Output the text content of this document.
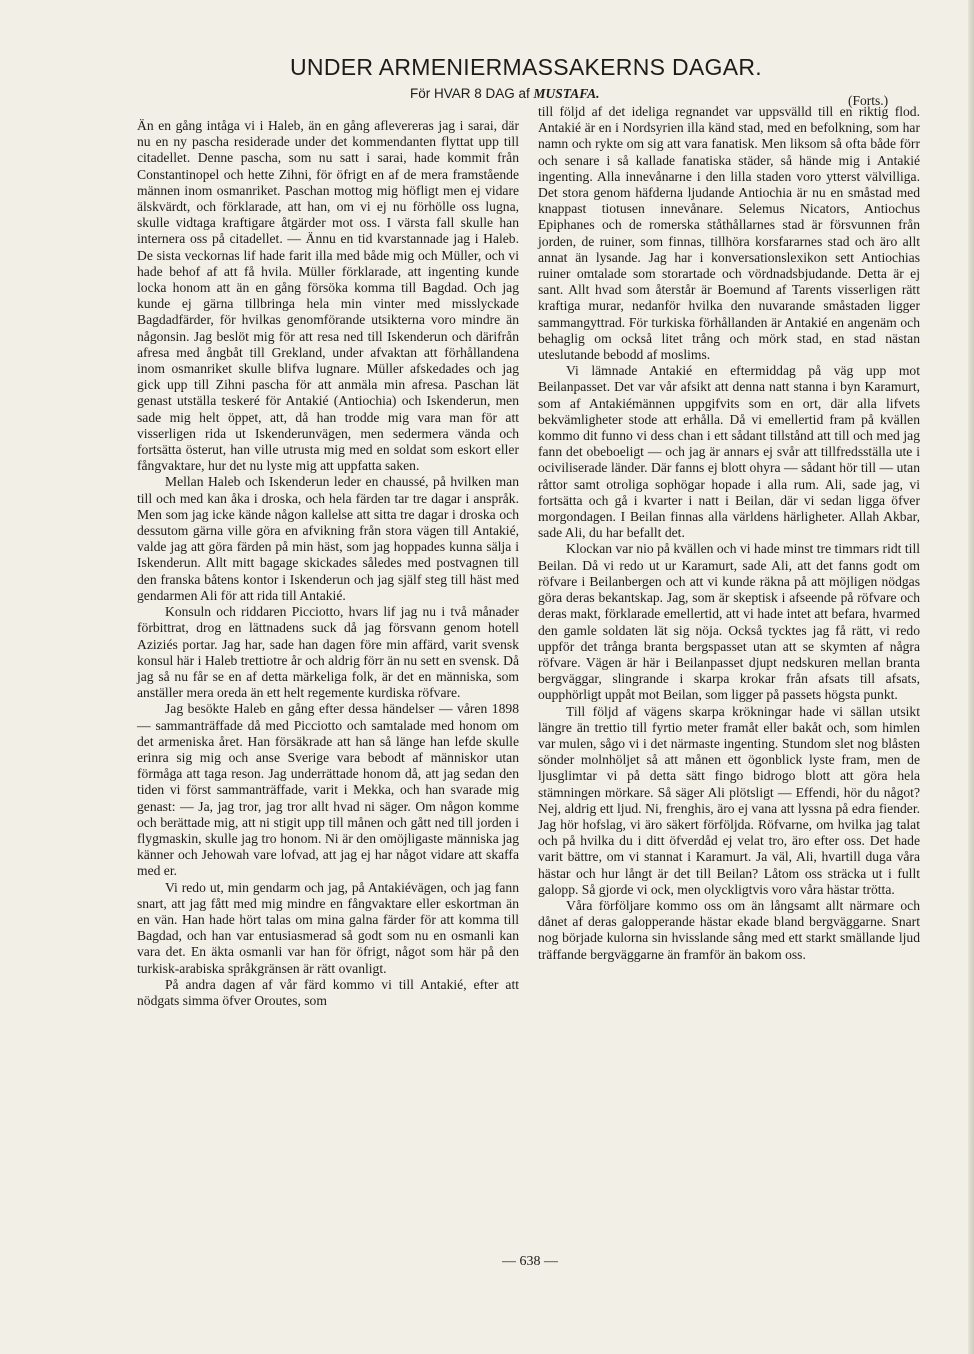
UNDER ARMENIERMASSAKERNS DAGAR.
För HVAR 8 DAG af MUSTAFA.	(Forts.)

Än en gång intåga vi i Haleb, än en gång aflevereras jag i sarai, där nu en ny pascha residerade under det kommendanten flyttat upp till citadellet. Denne pascha, som nu satt i sarai, hade kommit från Constantinopel och hette Zihni, för öfrigt en af de mera framstående männen inom osmanriket. Paschan mottog mig höfligt men ej vidare älskvärdt, och förklarade, att han, om vi ej nu förhölle oss lugna, skulle vidtaga kraftigare åtgärder mot oss. I värsta fall skulle han internera oss på citadellet. — Ännu en tid kvarstannade jag i Haleb. De sista veckornas lif hade farit illa med både mig och Müller, och vi hade behof af att få hvila. Müller förklarade, att ingenting kunde locka honom att än en gång försöka komma till Bagdad. Och jag kunde ej gärna tillbringa hela min vinter med misslyckade Bagdadfärder, för hvilkas genomförande utsikterna voro mindre än någonsin. Jag beslöt mig för att resa ned till Iskenderun och därifrån afresa med ångbåt till Grekland, under afvaktan att förhållandena inom osmanriket skulle blifva lugnare. Müller afskedades och jag gick upp till Zihni pascha för att anmäla min afresa. Paschan lät genast utställa teskeré för Antakié (Antiochia) och Iskenderun, men sade mig helt öppet, att, då han trodde mig vara man för att visserligen rida ut Iskenderunvägen, men sedermera vända och fortsätta österut, han ville utrusta mig med en soldat som eskort eller fångvaktare, hur det nu lyste mig att uppfatta saken.

Mellan Haleb och Iskenderun leder en chaussé, på hvilken man till och med kan åka i droska, och hela färden tar tre dagar i anspråk. Men som jag icke kände någon kallelse att sitta tre dagar i droska och dessutom gärna ville göra en afvikning från stora vägen till Antakié, valde jag att göra färden på min häst, som jag hoppades kunna sälja i Iskenderun. Allt mitt bagage skickades således med postvagnen till den franska båtens kontor i Iskenderun och jag själf steg till häst med gendarmen Ali för att rida till Antakié.

Konsuln och riddaren Picciotto, hvars lif jag nu i två månader förbittrat, drog en lättnadens suck då jag försvann genom hotell Aziziés portar. Jag har, sade han dagen före min affärd, varit svensk konsul här i Haleb trettiotre år och aldrig förr än nu sett en svensk. Då jag så nu får se en af detta märkeliga folk, är det en människa, som anställer mera oreda än ett helt regemente kurdiska röfvare.

Jag besökte Haleb en gång efter dessa händelser — våren 1898 — sammanträffade då med Picciotto och samtalade med honom om det armeniska året. Han försäkrade att han så länge han lefde skulle erinra sig mig och anse Sverige vara bebodt af människor utan förmåga att taga reson. Jag underrättade honom då, att jag sedan den tiden vi först sammanträffade, varit i Mekka, och han svarade mig genast: — Ja, jag tror, jag tror allt hvad ni säger. Om någon komme och berättade mig, att ni stigit upp till månen och gått ned till jorden i flygmaskin, skulle jag tro honom. Ni är den omöjligaste människa jag känner och Jehowah vare lofvad, att jag ej har något vidare att skaffa med er.

Vi redo ut, min gendarm och jag, på Antakiévägen, och jag fann snart, att jag fått med mig mindre en fångvaktare eller eskortman än en vän. Han hade hört talas om mina galna färder för att komma till Bagdad, och han var entusiasmerad så godt som nu en osmanli kan vara det. En äkta osmanli var han för öfrigt, något som här på den turkisk-arabiska språkgränsen är rätt ovanligt.

På andra dagen af vår färd kommo vi till Antakié, efter att nödgats simma öfver Oroutes, som

till följd af det ideliga regnandet var uppsvälld till en riktig flod. Antakié är en i Nordsyrien illa känd stad, med en befolkning, som har namn och rykte om sig att vara fanatisk. Men liksom så ofta både förr och senare i så kallade fanatiska städer, så hände mig i Antakié ingenting. Alla innevånarne i den lilla staden voro ytterst välvilliga. Det stora genom häfderna ljudande Antiochia är nu en småstad med knappast tiotusen innevånare. Selemus Nicators, Antiochus Epiphanes och de romerska ståthållarnes stad är försvunnen från jorden, de ruiner, som finnas, tillhöra korsfararnes stad och äro allt annat än lysande. Jag har i konversationslexikon sett Antiochias ruiner omtalade som storartade och vördnadsbjudande. Detta är ej sant. Allt hvad som återstår är Boemund af Tarents visserligen rätt kraftiga murar, nedanför hvilka den nuvarande småstaden ligger sammangyttrad. För turkiska förhållanden är Antakié en angenäm och behaglig om också litet trång och mörk stad, en stad nästan uteslutande bebodd af moslims.

Vi lämnade Antakié en eftermiddag på väg upp mot Beilanpasset. Det var vår afsikt att denna natt stanna i byn Karamurt, som af Antakiémännen uppgifvits som en ort, där alla lifvets bekvämligheter stode att erhålla. Då vi emellertid fram på kvällen kommo dit funno vi dess chan i ett sådant tillstånd att till och med jag fann det obeboeligt — och jag är annars ej svår att tillfredsställa ute i ociviliserade länder. Där fanns ej blott ohyra — sådant hör till — utan råttor samt otroliga sophögar hopade i alla rum. Ali, sade jag, vi fortsätta och gå i kvarter i natt i Beilan, där vi sedan ligga öfver morgondagen. I Beilan finnas alla världens härligheter. Allah Akbar, sade Ali, du har befallt det.

Klockan var nio på kvällen och vi hade minst tre timmars ridt till Beilan. Då vi redo ut ur Karamurt, sade Ali, att det fanns godt om röfvare i Beilanbergen och att vi kunde räkna på att möjligen nödgas göra deras bekantskap. Jag, som är skeptisk i afseende på röfvare och deras makt, förklarade emellertid, att vi hade intet att befara, hvarmed den gamle soldaten lät sig nöja. Också tycktes jag få rätt, vi redo uppför det trånga branta bergspasset utan att se skymten af några röfvare. Vägen är här i Beilanpasset djupt nedskuren mellan branta bergväggar, slingrande i skarpa krokar från afsats till afsats, oupphörligt uppåt mot Beilan, som ligger på passets högsta punkt.

Till följd af vägens skarpa krökningar hade vi sällan utsikt längre än trettio till fyrtio meter framåt eller bakåt och, som himlen var mulen, sågo vi i det närmaste ingenting. Stundom slet nog blåsten sönder molnhöljet så att månen ett ögonblick lyste fram, men de ljusglimtar vi på detta sätt fingo bidrogo blott att göra hela stämningen mörkare. Så säger Ali plötsligt — Effendi, hör du något? Nej, aldrig ett ljud. Ni, frenghis, äro ej vana att lyssna på edra fiender. Jag hör hofslag, vi äro säkert förföljda. Röfvarne, om hvilka jag talat och på hvilka du i ditt öfverdåd ej velat tro, äro efter oss. Det hade varit bättre, om vi stannat i Karamurt. Ja väl, Ali, hvartill duga våra hästar och hur långt är det till Beilan? Låtom oss sträcka ut i fullt galopp. Så gjorde vi ock, men olyckligtvis voro våra hästar trötta.

Våra förföljare kommo oss om än långsamt allt närmare och dånet af deras galopperande hästar ekade bland bergväggarne. Snart nog började kulorna sin hvisslande sång med ett starkt smällande ljud träffande bergväggarne än framför än bakom oss.

— 638 —
